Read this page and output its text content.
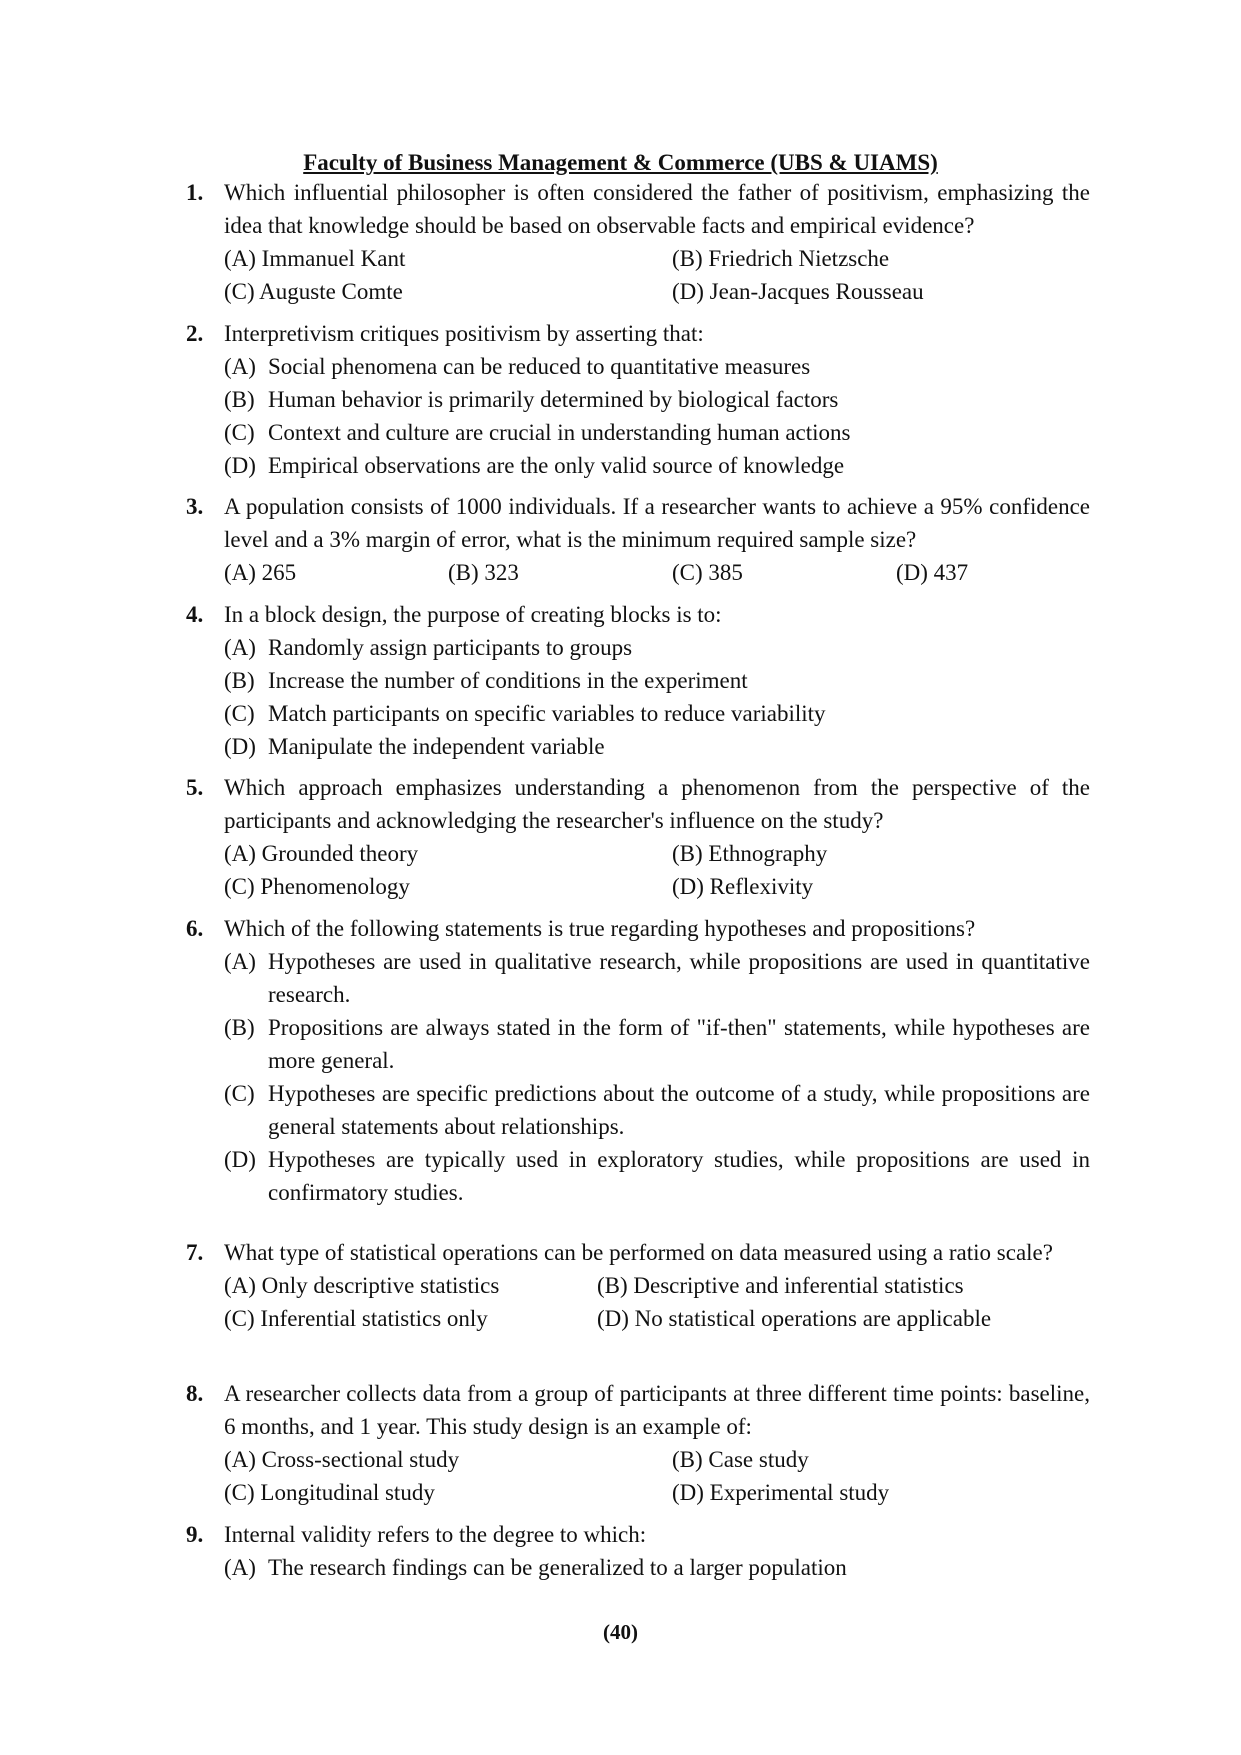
Faculty of Business Management & Commerce (UBS & UIAMS)
1. Which influential philosopher is often considered the father of positivism, emphasizing the idea that knowledge should be based on observable facts and empirical evidence?
(A) Immanuel Kant	(B) Friedrich Nietzsche
(C) Auguste Comte	(D) Jean-Jacques Rousseau
2. Interpretivism critiques positivism by asserting that:
(A) Social phenomena can be reduced to quantitative measures
(B) Human behavior is primarily determined by biological factors
(C) Context and culture are crucial in understanding human actions
(D) Empirical observations are the only valid source of knowledge
3. A population consists of 1000 individuals. If a researcher wants to achieve a 95% confidence level and a 3% margin of error, what is the minimum required sample size?
(A) 265	(B) 323	(C) 385	(D) 437
4. In a block design, the purpose of creating blocks is to:
(A) Randomly assign participants to groups
(B) Increase the number of conditions in the experiment
(C) Match participants on specific variables to reduce variability
(D) Manipulate the independent variable
5. Which approach emphasizes understanding a phenomenon from the perspective of the participants and acknowledging the researcher's influence on the study?
(A) Grounded theory	(B) Ethnography
(C) Phenomenology	(D) Reflexivity
6. Which of the following statements is true regarding hypotheses and propositions?
(A) Hypotheses are used in qualitative research, while propositions are used in quantitative research.
(B) Propositions are always stated in the form of "if-then" statements, while hypotheses are more general.
(C) Hypotheses are specific predictions about the outcome of a study, while propositions are general statements about relationships.
(D) Hypotheses are typically used in exploratory studies, while propositions are used in confirmatory studies.
7. What type of statistical operations can be performed on data measured using a ratio scale?
(A) Only descriptive statistics	(B) Descriptive and inferential statistics
(C) Inferential statistics only	(D) No statistical operations are applicable
8. A researcher collects data from a group of participants at three different time points: baseline, 6 months, and 1 year. This study design is an example of:
(A) Cross-sectional study	(B) Case study
(C) Longitudinal study	(D) Experimental study
9. Internal validity refers to the degree to which:
(A) The research findings can be generalized to a larger population
(40)
